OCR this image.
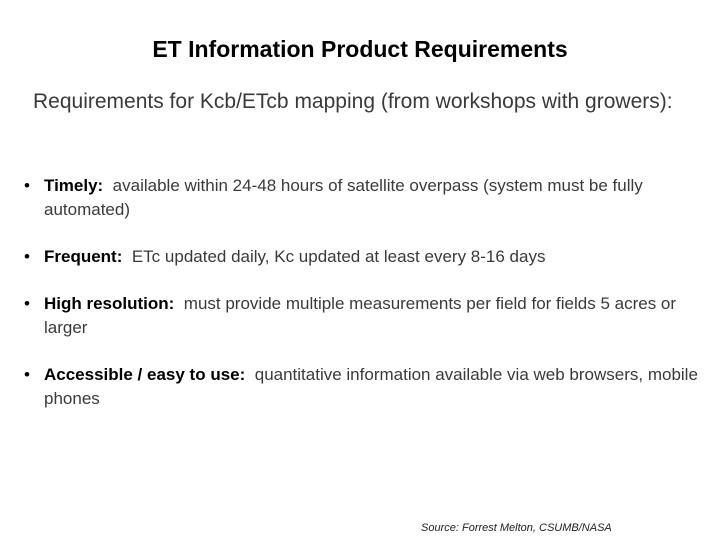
ET Information Product Requirements
Requirements for Kcb/ETcb mapping (from workshops with growers):
• Timely: available within 24-48 hours of satellite overpass (system must be fully automated)
• Frequent: ETc updated daily, Kc updated at least every 8-16 days
• High resolution: must provide multiple measurements per field for fields 5 acres or larger
• Accessible / easy to use: quantitative information available via web browsers, mobile phones
Source: Forrest Melton, CSUMB/NASA
